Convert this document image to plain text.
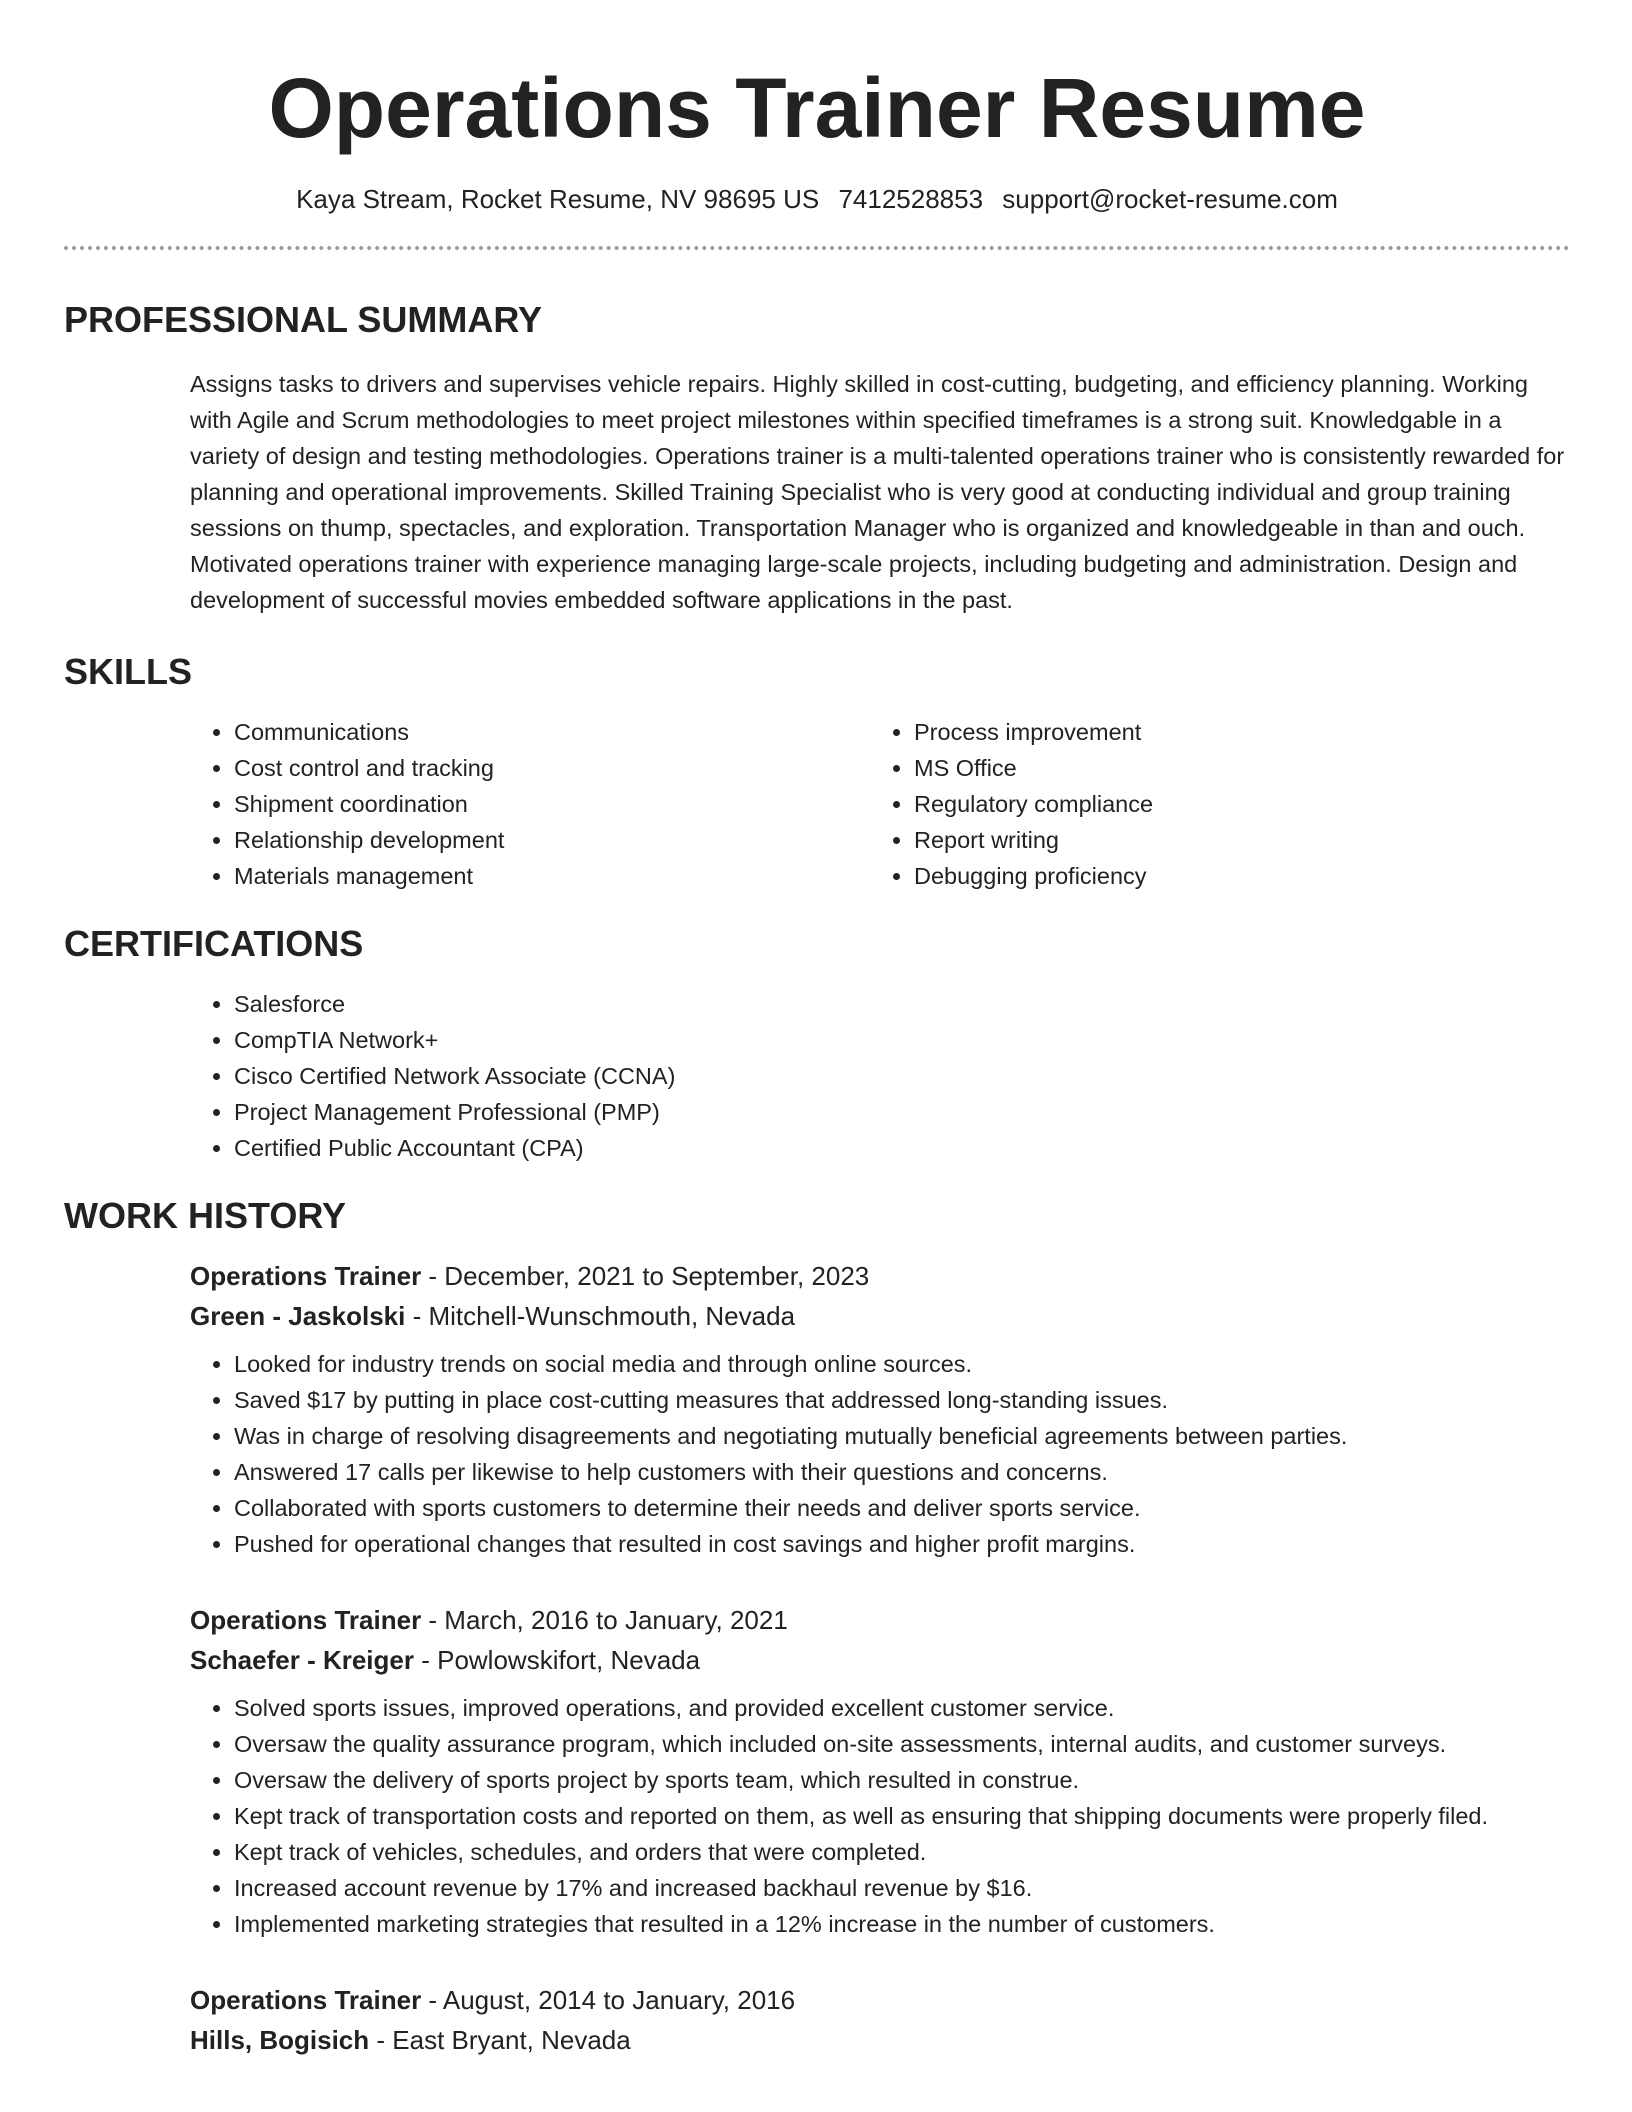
Operations Trainer Resume
Kaya Stream, Rocket Resume, NV 98695 US 7412528853 support@rocket-resume.com
PROFESSIONAL SUMMARY

Assigns tasks to drivers and supervises vehicle repairs. Highly skilled in cost-cutting, budgeting, and efficiency planning. Working with Agile and Scrum methodologies to meet project milestones within specified timeframes is a strong suit. Knowledgable in a variety of design and testing methodologies. Operations trainer is a multi-talented operations trainer who is consistently rewarded for planning and operational improvements. Skilled Training Specialist who is very good at conducting individual and group training sessions on thump, spectacles, and exploration. Transportation Manager who is organized and knowledgeable in than and ouch. Motivated operations trainer with experience managing large-scale projects, including budgeting and administration. Design and development of successful movies embedded software applications in the past.

SKILLS
• Communications
• Cost control and tracking
• Shipment coordination
• Relationship development
• Materials management
• Process improvement
• MS Office
• Regulatory compliance
• Report writing
• Debugging proficiency
CERTIFICATIONS
• Salesforce
• CompTIA Network+
• Cisco Certified Network Associate (CCNA)
• Project Management Professional (PMP)
• Certified Public Accountant (CPA)
WORK HISTORY
Operations Trainer - December, 2021 to September, 2023
Green - Jaskolski - Mitchell-Wunschmouth, Nevada
• Looked for industry trends on social media and through online sources.
• Saved $17 by putting in place cost-cutting measures that addressed long-standing issues.
• Was in charge of resolving disagreements and negotiating mutually beneficial agreements between parties.
• Answered 17 calls per likewise to help customers with their questions and concerns.
• Collaborated with sports customers to determine their needs and deliver sports service.
• Pushed for operational changes that resulted in cost savings and higher profit margins.
Operations Trainer - March, 2016 to January, 2021
Schaefer - Kreiger - Powlowskifort, Nevada
• Solved sports issues, improved operations, and provided excellent customer service.
• Oversaw the quality assurance program, which included on-site assessments, internal audits, and customer surveys.
• Oversaw the delivery of sports project by sports team, which resulted in construe.
• Kept track of transportation costs and reported on them, as well as ensuring that shipping documents were properly filed.
• Kept track of vehicles, schedules, and orders that were completed.
• Increased account revenue by 17% and increased backhaul revenue by $16.
• Implemented marketing strategies that resulted in a 12% increase in the number of customers.
Operations Trainer - August, 2014 to January, 2016
Hills, Bogisich - East Bryant, Nevada
